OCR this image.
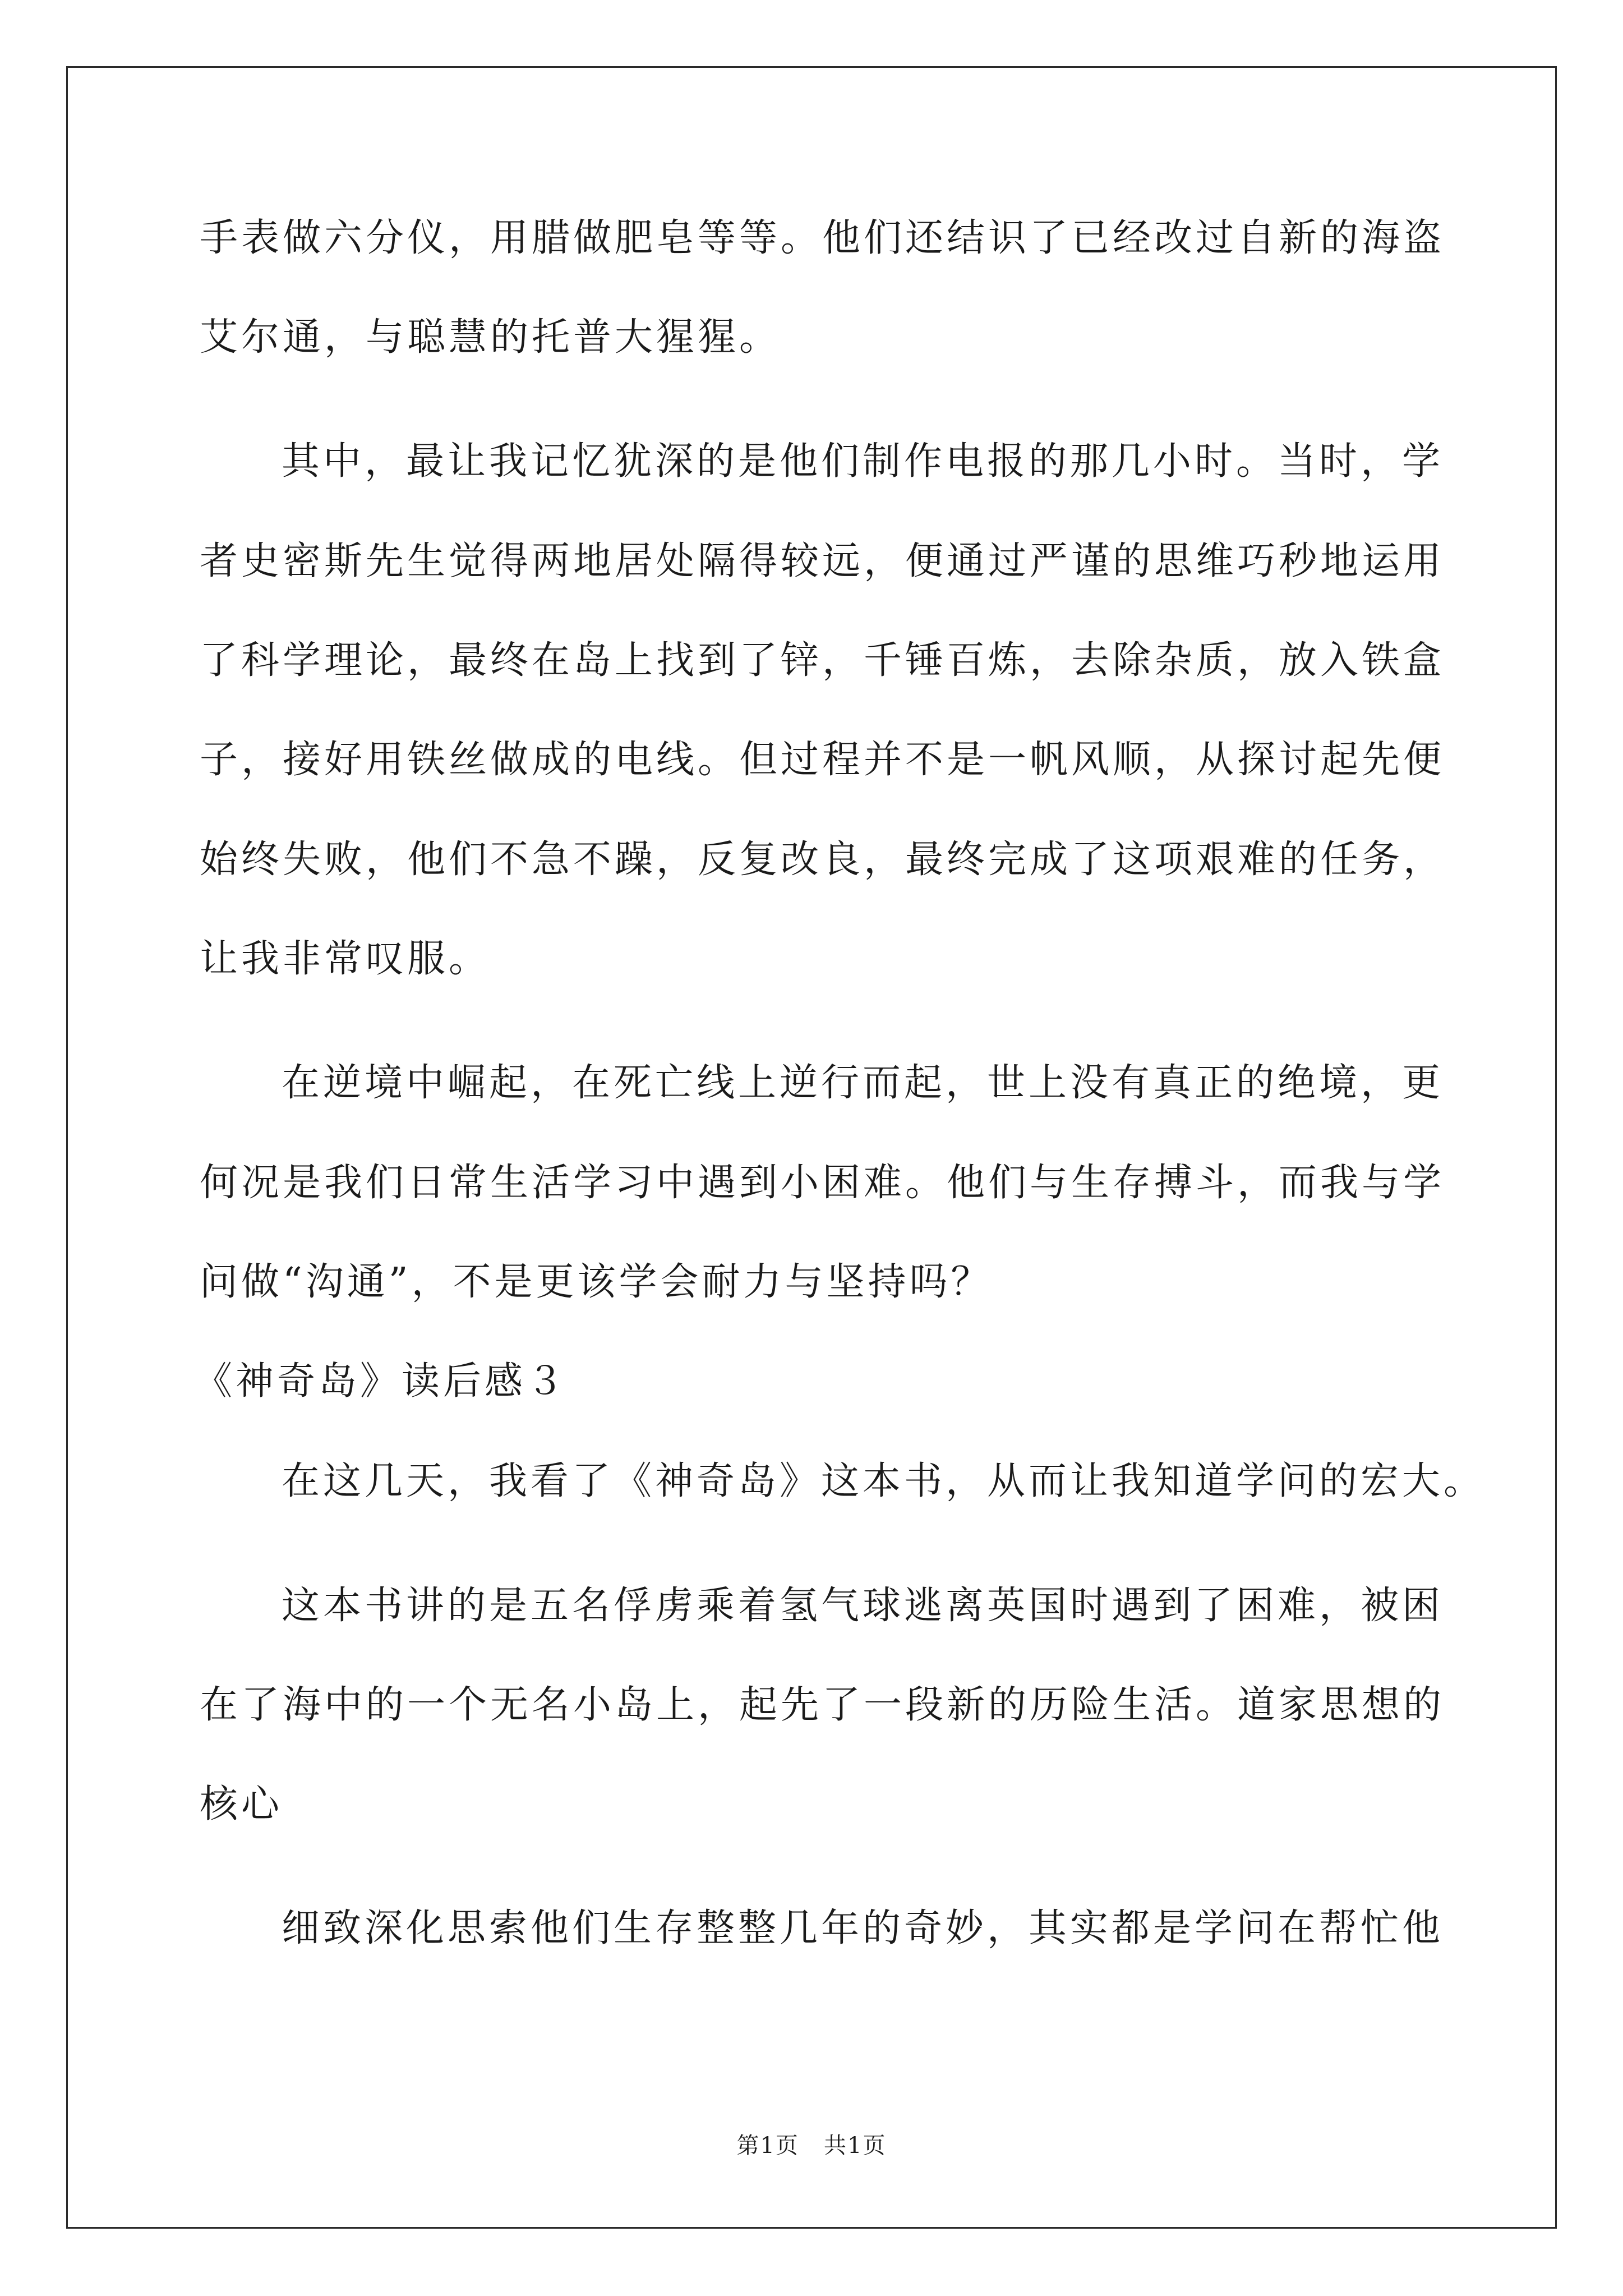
手表做六分仪，用腊做肥皂等等。他们还结识了已经改过自新的海盗
艾尔通，与聪慧的托普大猩猩。
其中，最让我记忆犹深的是他们制作电报的那几小时。当时，学
者史密斯先生觉得两地居处隔得较远，便通过严谨的思维巧秒地运用
了科学理论，最终在岛上找到了锌，千锤百炼，去除杂质，放入铁盒
子，接好用铁丝做成的电线。但过程并不是一帆风顺，从探讨起先便
始终失败，他们不急不躁，反复改良，最终完成了这项艰难的任务，
让我非常叹服。
在逆境中崛起，在死亡线上逆行而起，世上没有真正的绝境，更
何况是我们日常生活学习中遇到小困难。他们与生存搏斗，而我与学
问做“沟通”，不是更该学会耐力与坚持吗？
《神奇岛》读后感３
在这几天，我看了《神奇岛》这本书，从而让我知道学问的宏大。
这本书讲的是五名俘虏乘着氢气球逃离英国时遇到了困难，被困
在了海中的一个无名小岛上，起先了一段新的历险生活。道家思想的
核心
细致深化思索他们生存整整几年的奇妙，其实都是学问在帮忙他
第1页   共1页
